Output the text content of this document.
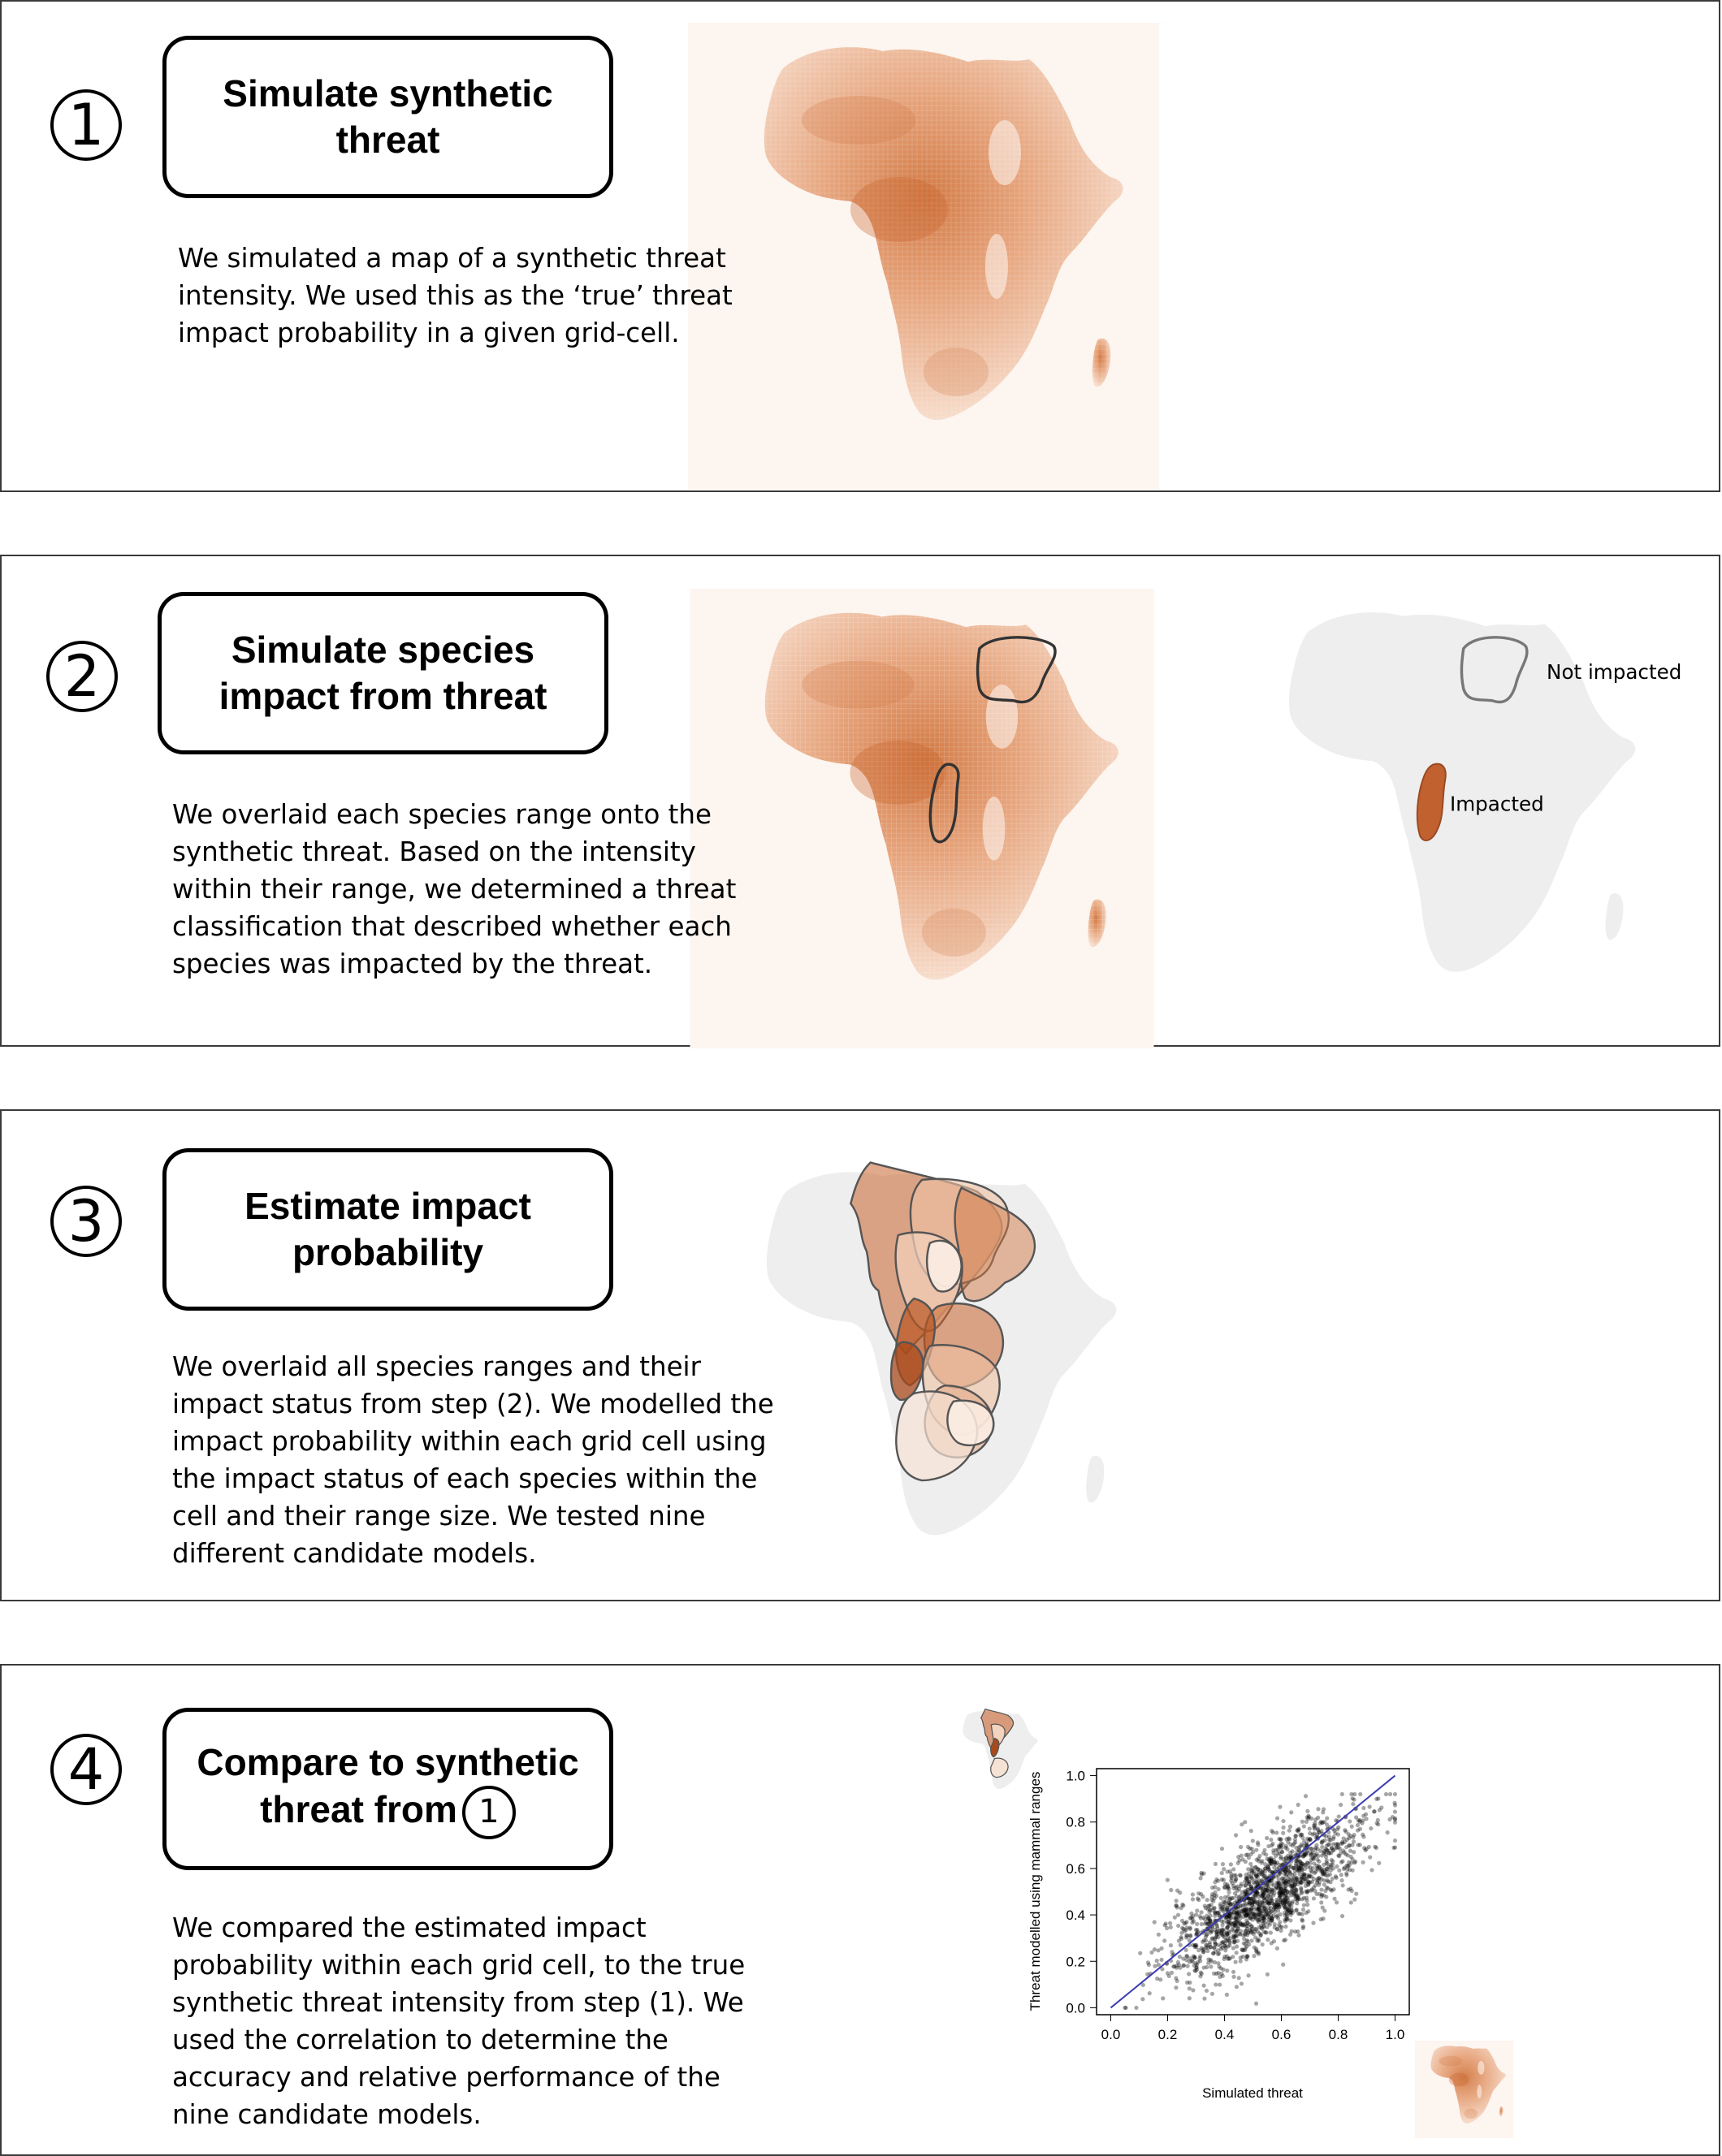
1	Simulate synthetic
threat
We simulated a map of a synthetic threat
intensity. We used this as the ‘true’ threat
impact probability in a given grid-cell.
2	Simulate species
impact from threat
Not impacted
Impacted
We overlaid each species range onto the
synthetic threat. Based on the intensity
within their range, we determined a threat
classification that described whether each
species was impacted by the threat.
3	Estimate impact
probability
We overlaid all species ranges and their
impact status from step (2). We modelled the
impact probability within each grid cell using
the impact status of each species within the
cell and their range size. We tested nine
different candidate models.
4	Compare to synthetic
threat from 1
0.0	0.2	0.4	0.6	0.8	1.0
0.0
0.2
0.4
0.6
0.8
1.0
Simulated threat
Threat modelled using mammal ranges
We compared the estimated impact
probability within each grid cell, to the true
synthetic threat intensity from step (1). We
used the correlation to determine the
accuracy and relative performance of the
nine candidate models.
